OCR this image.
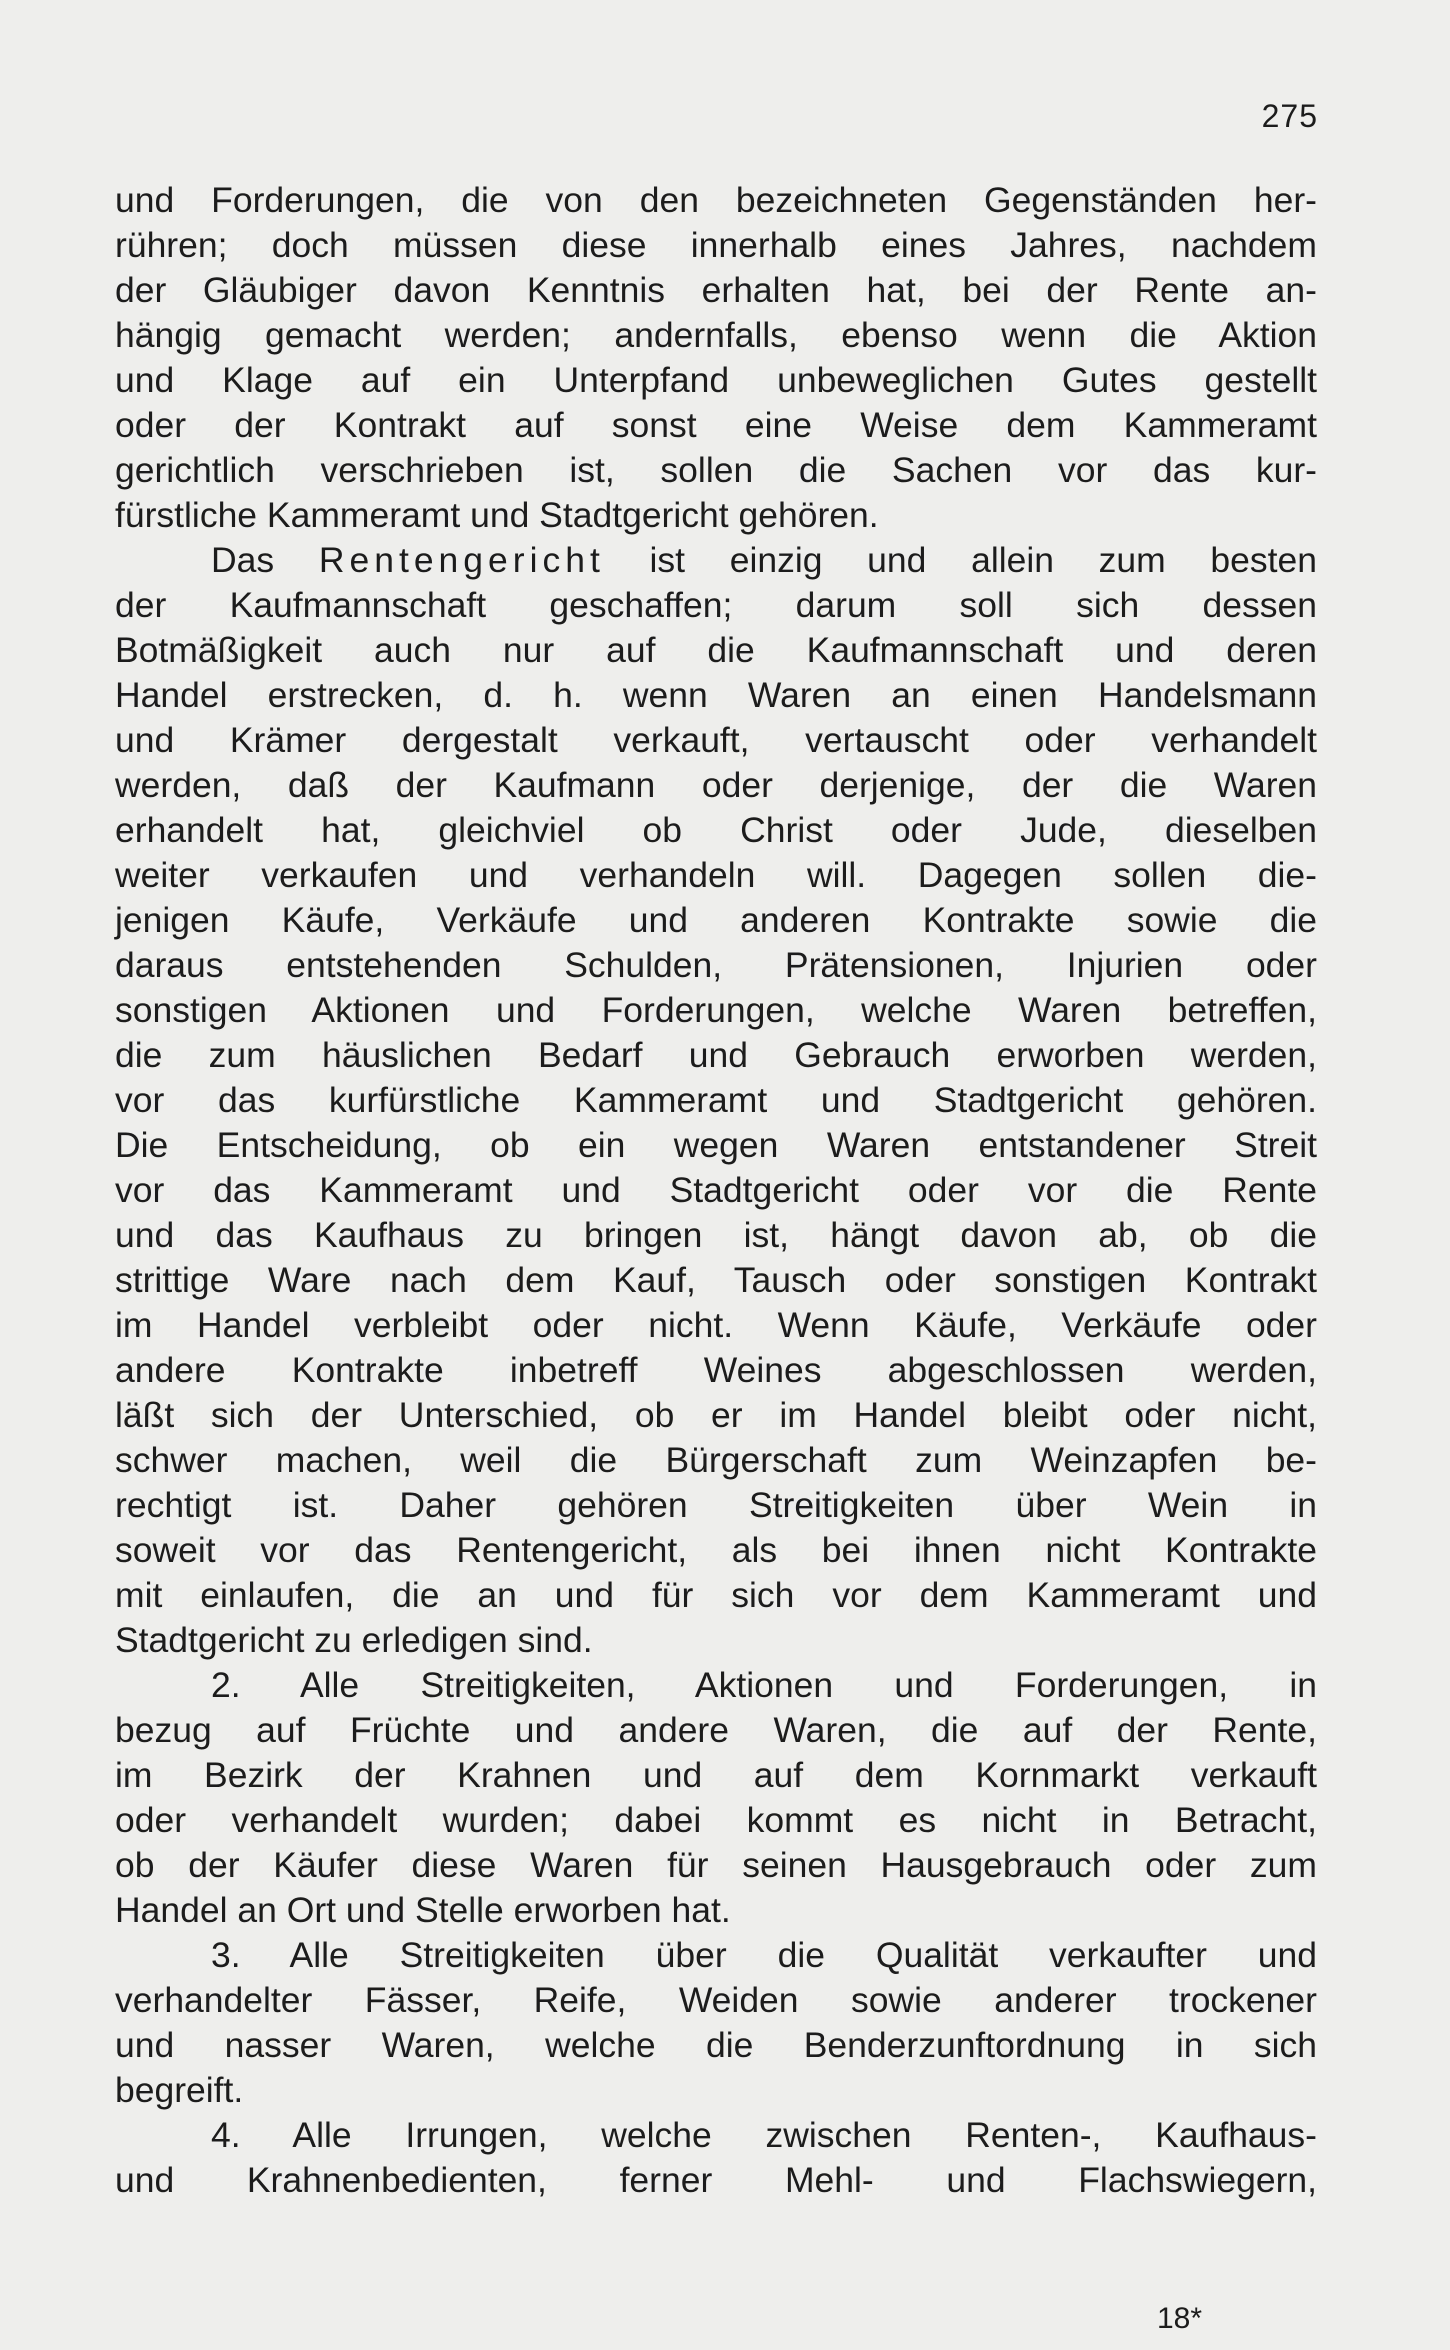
275
und Forderungen, die von den bezeichneten Gegenständen her-
rühren; doch müssen diese innerhalb eines Jahres, nachdem
der Gläubiger davon Kenntnis erhalten hat, bei der Rente an-
hängig gemacht werden; andernfalls, ebenso wenn die Aktion
und Klage auf ein Unterpfand unbeweglichen Gutes gestellt
oder der Kontrakt auf sonst eine Weise dem Kammeramt
gerichtlich verschrieben ist, sollen die Sachen vor das kur-
fürstliche Kammeramt und Stadtgericht gehören.
Das Rentengericht ist einzig und allein zum besten
der Kaufmannschaft geschaffen; darum soll sich dessen
Botmäßigkeit auch nur auf die Kaufmannschaft und deren
Handel erstrecken, d. h. wenn Waren an einen Handelsmann
und Krämer dergestalt verkauft, vertauscht oder verhandelt
werden, daß der Kaufmann oder derjenige, der die Waren
erhandelt hat, gleichviel ob Christ oder Jude, dieselben
weiter verkaufen und verhandeln will. Dagegen sollen die-
jenigen Käufe, Verkäufe und anderen Kontrakte sowie die
daraus entstehenden Schulden, Prätensionen, Injurien oder
sonstigen Aktionen und Forderungen, welche Waren betreffen,
die zum häuslichen Bedarf und Gebrauch erworben werden,
vor das kurfürstliche Kammeramt und Stadtgericht gehören.
Die Entscheidung, ob ein wegen Waren entstandener Streit
vor das Kammeramt und Stadtgericht oder vor die Rente
und das Kaufhaus zu bringen ist, hängt davon ab, ob die
strittige Ware nach dem Kauf, Tausch oder sonstigen Kontrakt
im Handel verbleibt oder nicht. Wenn Käufe, Verkäufe oder
andere Kontrakte inbetreff Weines abgeschlossen werden,
läßt sich der Unterschied, ob er im Handel bleibt oder nicht,
schwer machen, weil die Bürgerschaft zum Weinzapfen be-
rechtigt ist. Daher gehören Streitigkeiten über Wein in
soweit vor das Rentengericht, als bei ihnen nicht Kontrakte
mit einlaufen, die an und für sich vor dem Kammeramt und
Stadtgericht zu erledigen sind.
2. Alle Streitigkeiten, Aktionen und Forderungen, in
bezug auf Früchte und andere Waren, die auf der Rente,
im Bezirk der Krahnen und auf dem Kornmarkt verkauft
oder verhandelt wurden; dabei kommt es nicht in Betracht,
ob der Käufer diese Waren für seinen Hausgebrauch oder zum
Handel an Ort und Stelle erworben hat.
3. Alle Streitigkeiten über die Qualität verkaufter und
verhandelter Fässer, Reife, Weiden sowie anderer trockener
und nasser Waren, welche die Benderzunftordnung in sich
begreift.
4. Alle Irrungen, welche zwischen Renten-, Kaufhaus-
und Krahnenbedienten, ferner Mehl- und Flachswiegern,
18*
